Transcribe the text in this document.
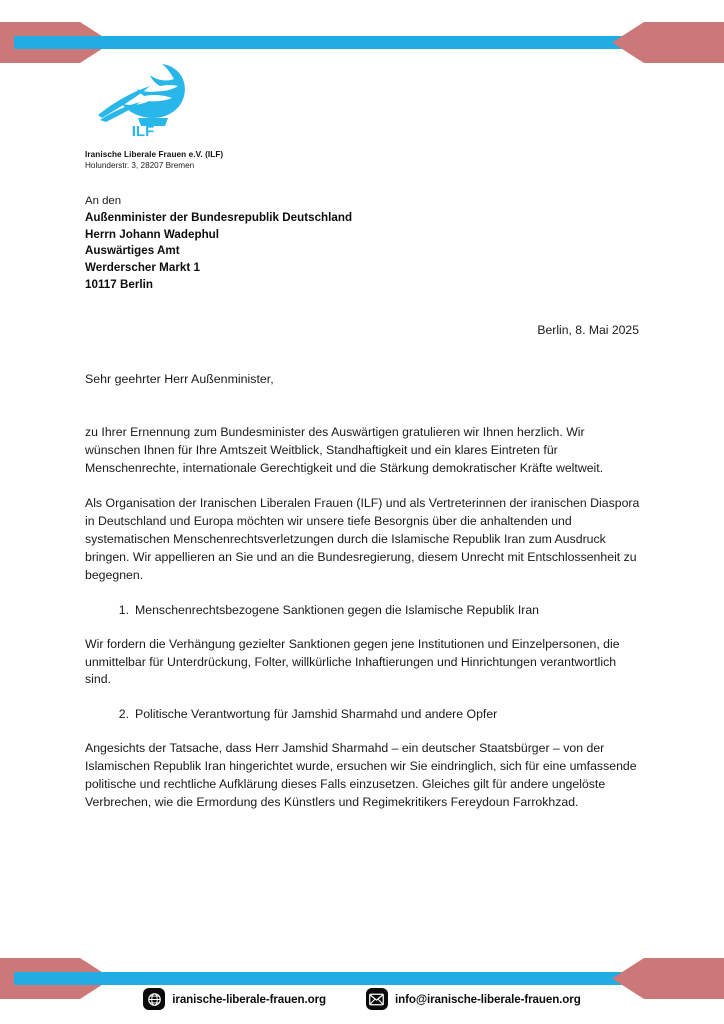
ILF
Iranische Liberale Frauen e.V. (ILF)
Holunderstr. 3, 28207 Bremen
An den
Außenminister der Bundesrepublik Deutschland
Herrn Johann Wadephul
Auswärtiges Amt
Werderscher Markt 1
10117 Berlin
Berlin, 8. Mai 2025
Sehr geehrter Herr Außenminister,

zu Ihrer Ernennung zum Bundesminister des Auswärtigen gratulieren wir Ihnen herzlich. Wir wünschen Ihnen für Ihre Amtszeit Weitblick, Standhaftigkeit und ein klares Eintreten für Menschenrechte, internationale Gerechtigkeit und die Stärkung demokratischer Kräfte weltweit.

Als Organisation der Iranischen Liberalen Frauen (ILF) und als Vertreterinnen der iranischen Diaspora in Deutschland und Europa möchten wir unsere tiefe Besorgnis über die anhaltenden und systematischen Menschenrechtsverletzungen durch die Islamische Republik Iran zum Ausdruck bringen. Wir appellieren an Sie und an die Bundesregierung, diesem Unrecht mit Entschlossenheit zu begegnen.

Menschenrechtsbezogene Sanktionen gegen die Islamische Republik Iran

Wir fordern die Verhängung gezielter Sanktionen gegen jene Institutionen und Einzelpersonen, die unmittelbar für Unterdrückung, Folter, willkürliche Inhaftierungen und Hinrichtungen verantwortlich sind.

Politische Verantwortung für Jamshid Sharmahd und andere Opfer

Angesichts der Tatsache, dass Herr Jamshid Sharmahd – ein deutscher Staatsbürger – von der Islamischen Republik Iran hingerichtet wurde, ersuchen wir Sie eindringlich, sich für eine umfassende politische und rechtliche Aufklärung dieses Falls einzusetzen. Gleiches gilt für andere ungelöste Verbrechen, wie die Ermordung des Künstlers und Regimekritikers Fereydoun Farrokhzad.

iranische-liberale-frauen.org	info@iranische-liberale-frauen.org
